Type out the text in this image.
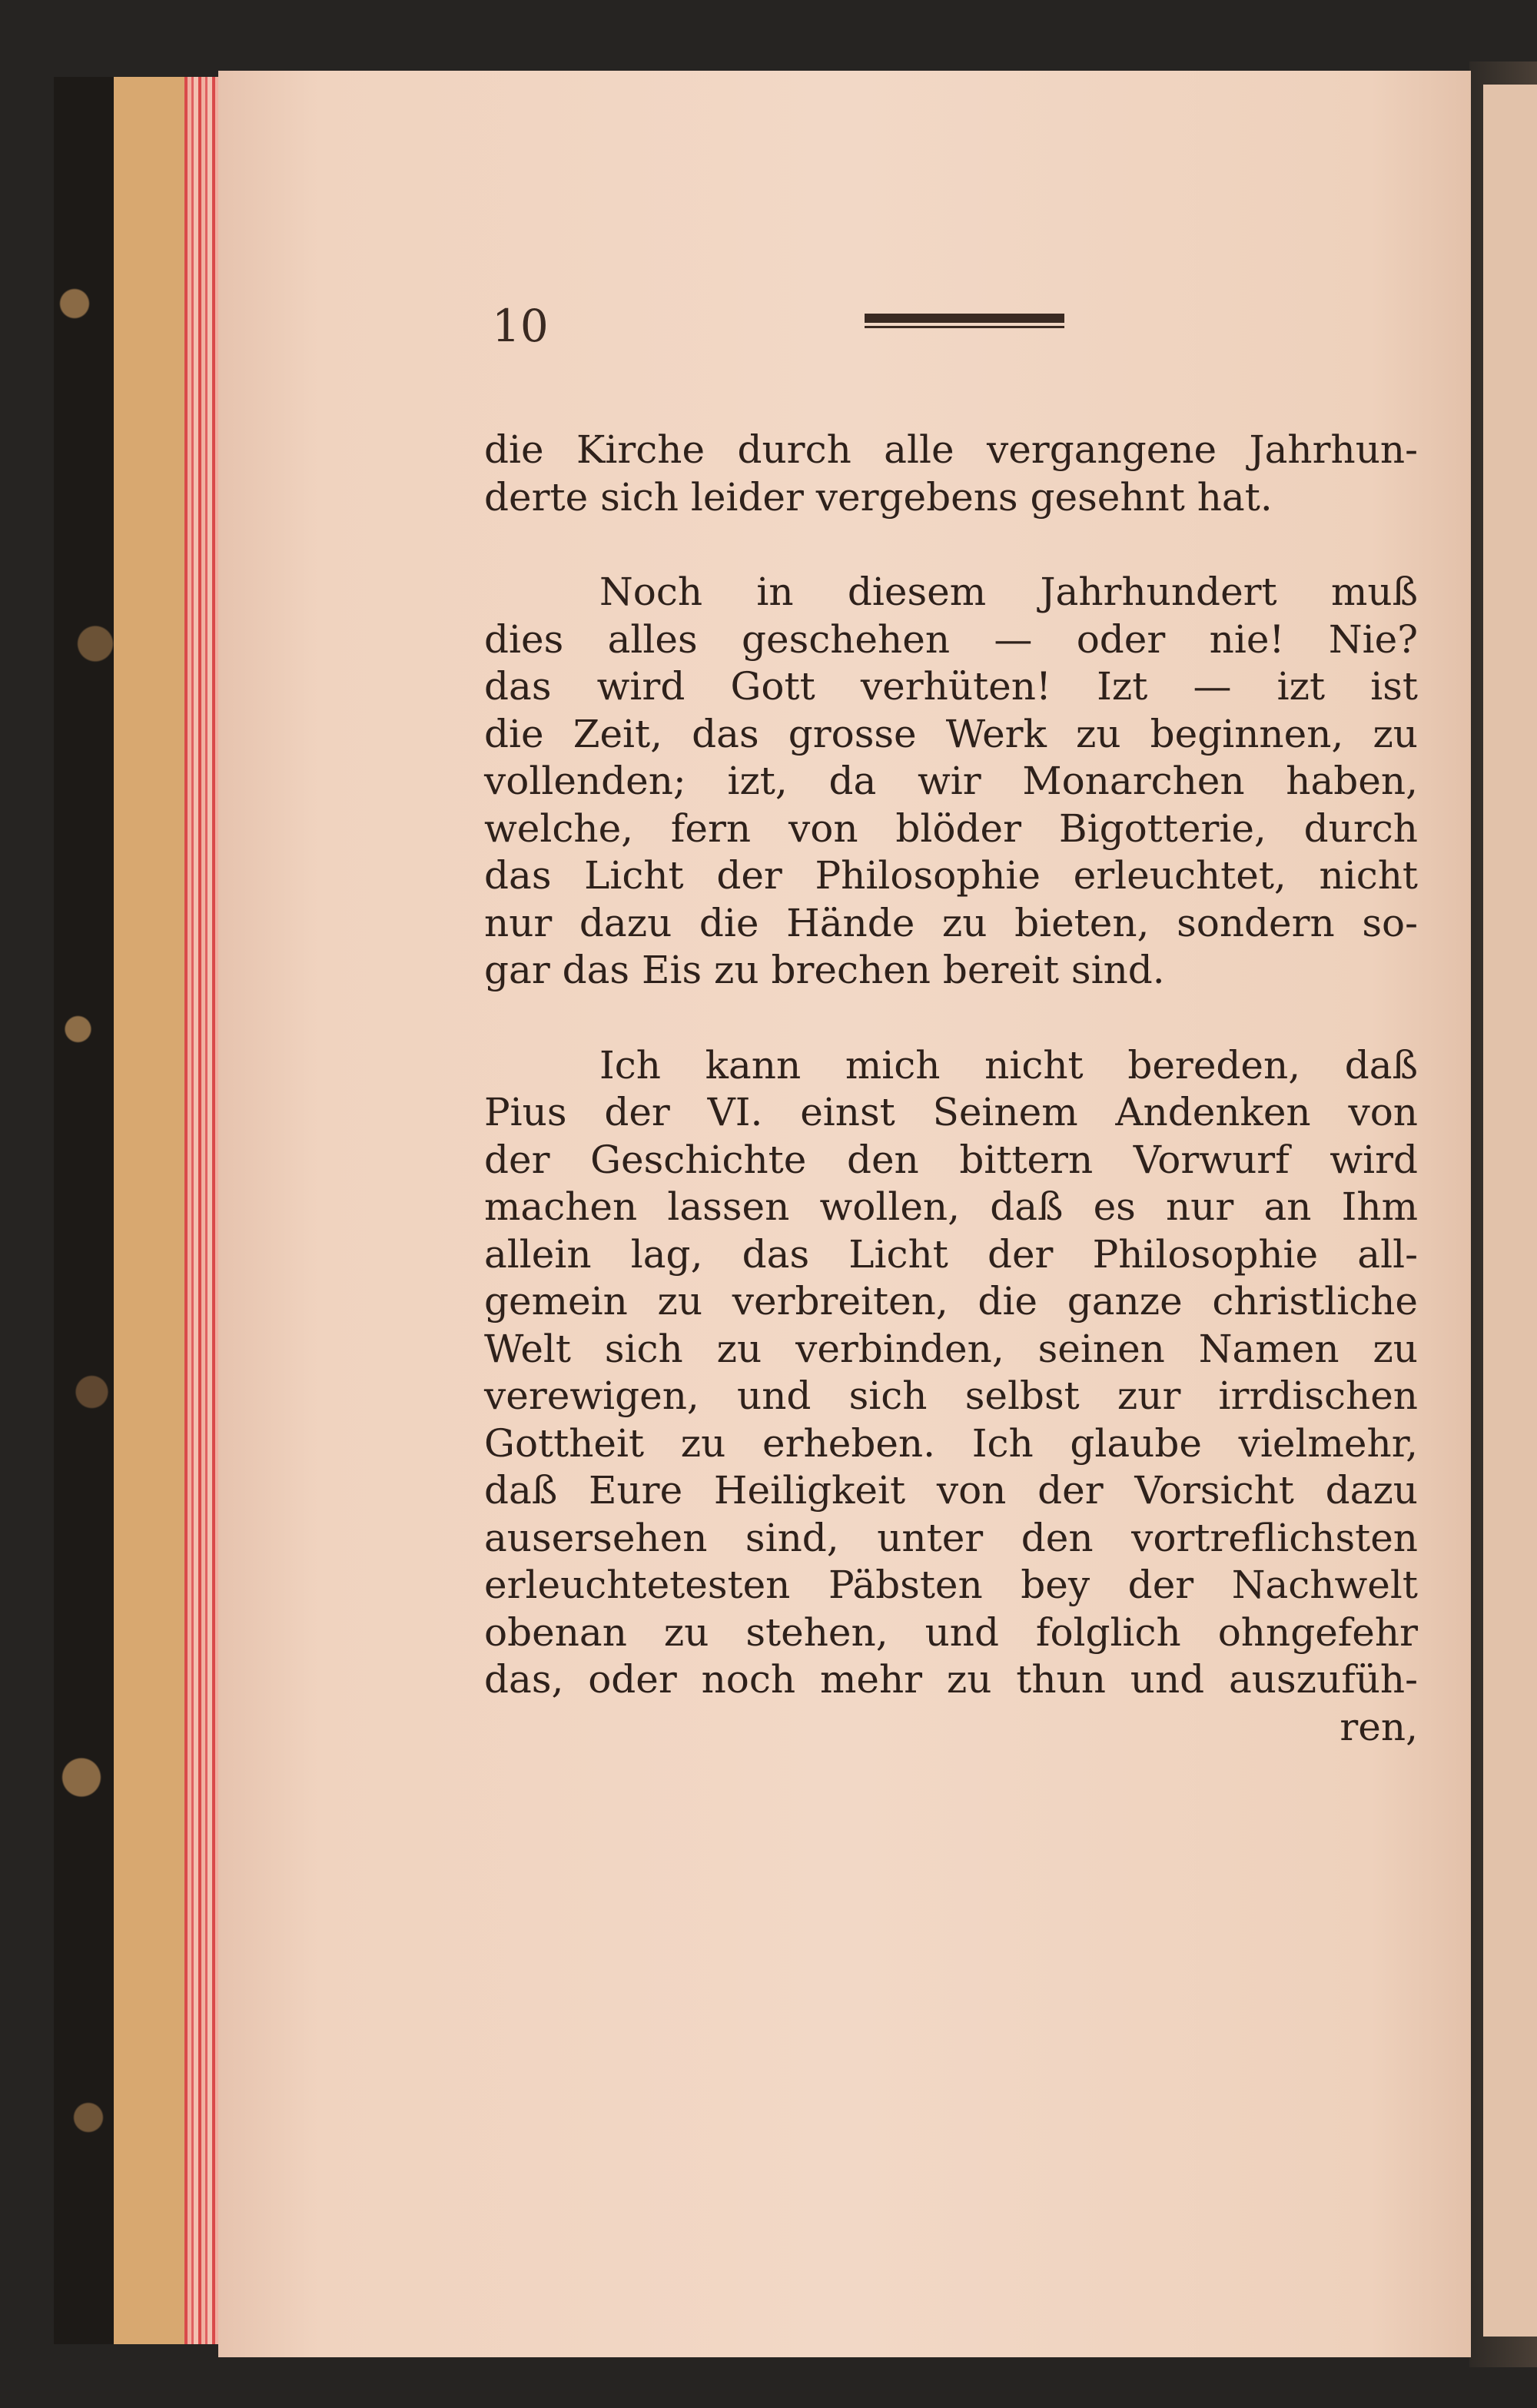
10
die Kirche durch alle vergangene Jahrhun-
derte sich leider vergebens gesehnt hat.
Noch in diesem Jahrhundert muß
dies alles geschehen — oder nie! Nie?
das wird Gott verhüten! Izt — izt ist
die Zeit, das grosse Werk zu beginnen, zu
vollenden; izt, da wir Monarchen haben,
welche, fern von blöder Bigotterie, durch
das Licht der Philosophie erleuchtet, nicht
nur dazu die Hände zu bieten, sondern so-
gar das Eis zu brechen bereit sind.
Ich kann mich nicht bereden, daß
Pius der VI. einst Seinem Andenken von
der Geschichte den bittern Vorwurf wird
machen lassen wollen, daß es nur an Ihm
allein lag, das Licht der Philosophie all-
gemein zu verbreiten, die ganze christliche
Welt sich zu verbinden, seinen Namen zu
verewigen, und sich selbst zur irrdischen
Gottheit zu erheben. Ich glaube vielmehr,
daß Eure Heiligkeit von der Vorsicht dazu
ausersehen sind, unter den vortreflichsten
erleuchtetesten Päbsten bey der Nachwelt
obenan zu stehen, und folglich ohngefehr
das, oder noch mehr zu thun und auszufüh-
ren,
